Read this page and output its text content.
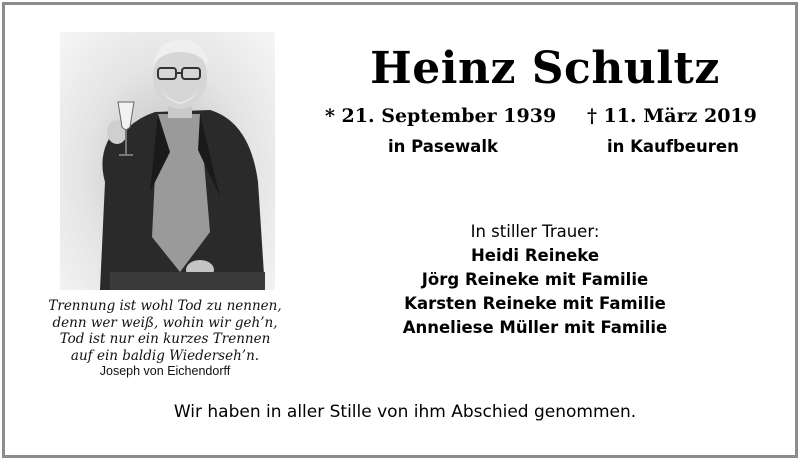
Trennung ist wohl Tod zu nennen,
denn wer weiß, wohin wir geh’n,
Tod ist nur ein kurzes Trennen
auf ein baldig Wiederseh’n.
Joseph von Eichendorff
Heinz Schultz
* 21. September 1939 † 11. März 2019
in Pasewalk	in Kaufbeuren
In stiller Trauer:
Heidi Reineke
Jörg Reineke mit Familie
Karsten Reineke mit Familie
Anneliese Müller mit Familie
Wir haben in aller Stille von ihm Abschied genommen.
